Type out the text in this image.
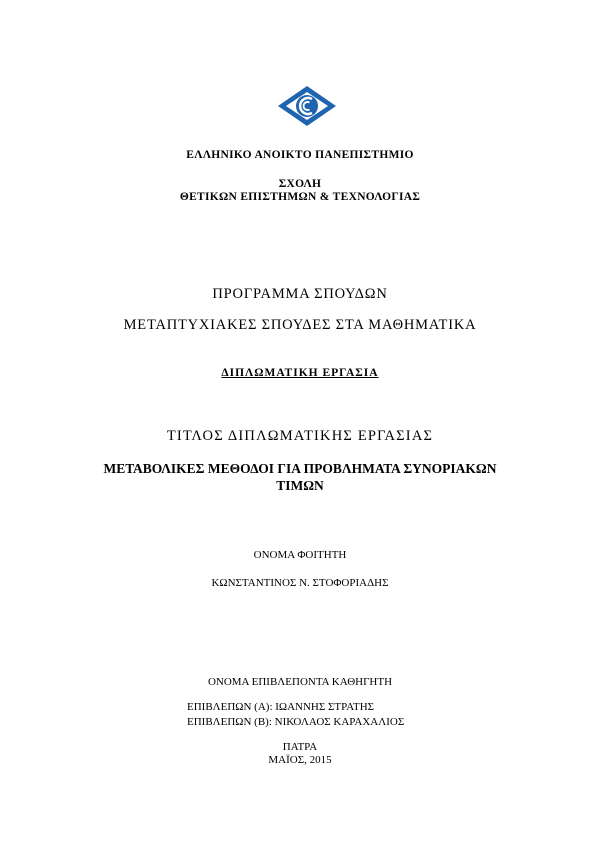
ΕΛΛΗΝΙΚΟ ΑΝΟΙΚΤΟ ΠΑΝΕΠΙΣΤΗΜΙΟ
ΣΧΟΛΗ
ΘΕΤΙΚΩΝ ΕΠΙΣΤΗΜΩΝ & ΤΕΧΝΟΛΟΓΙΑΣ
ΠΡΟΓΡΑΜΜΑ ΣΠΟΥΔΩΝ
ΜΕΤΑΠΤΥΧΙΑΚΕΣ ΣΠΟΥΔΕΣ ΣΤΑ ΜΑΘΗΜΑΤΙΚΑ
ΔΙΠΛΩΜΑΤΙΚΗ ΕΡΓΑΣΙΑ
ΤΙΤΛΟΣ ΔΙΠΛΩΜΑΤΙΚΗΣ ΕΡΓΑΣΙΑΣ
ΜΕΤΑΒΟΛΙΚΕΣ ΜΕΘΟΔΟΙ ΓΙΑ ΠΡΟΒΛΗΜΑΤΑ ΣΥΝΟΡΙΑΚΩΝ
ΤΙΜΩΝ
ΟΝΟΜΑ ΦΟΙΤΗΤΗ
ΚΩΝΣΤΑΝΤΙΝΟΣ Ν. ΣΤΟΦΟΡΙΑΔΗΣ
ΟΝΟΜΑ ΕΠΙΒΛΕΠΟΝΤΑ ΚΑΘΗΓΗΤΗ
ΕΠΙΒΛΕΠΩΝ (Α): ΙΩΑΝΝΗΣ ΣΤΡΑΤΗΣ
ΕΠΙΒΛΕΠΩΝ (Β): ΝΙΚΟΛΑΟΣ ΚΑΡΑΧΑΛΙΟΣ
ΠΑΤΡΑ
ΜΑΪΟΣ, 2015
